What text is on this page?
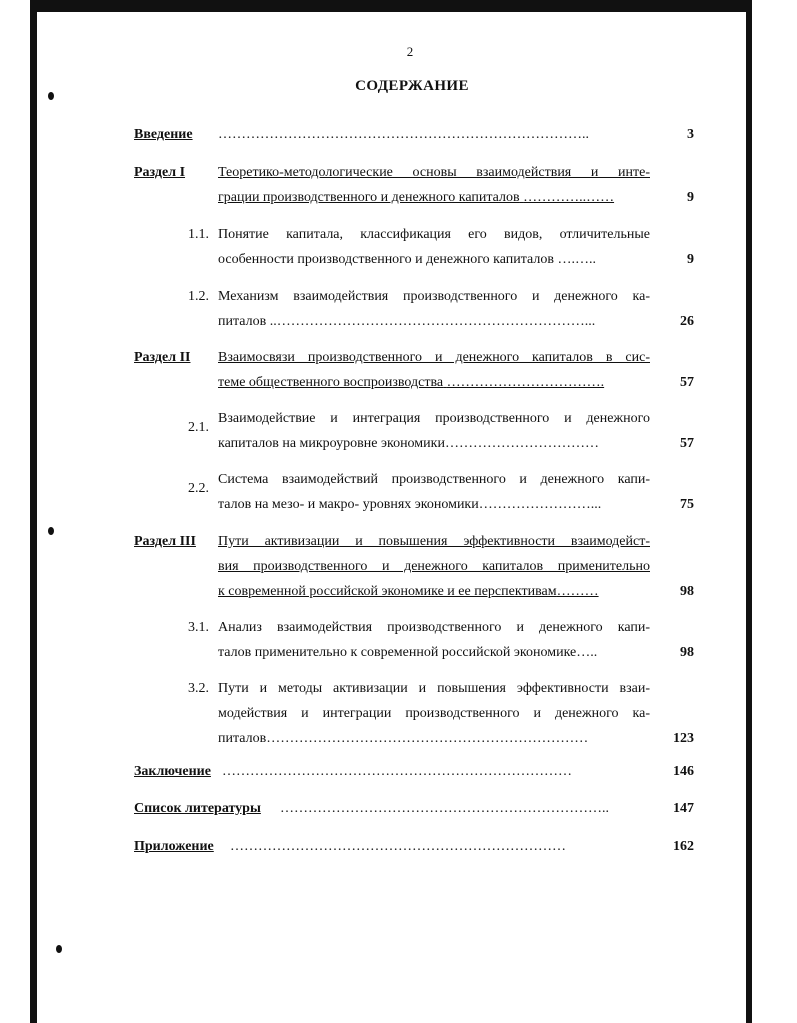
2
СОДЕРЖАНИЕ
Введение ……………………………………………………………………..	3
Раздел I Теоретико-методологические основы взаимодействия и инте-
грации производственного и денежного капиталов …………..……	9
1.1. Понятие капитала, классификация его видов, отличительные
особенности производственного и денежного капиталов ….…..	9
1.2. Механизм взаимодействия производственного и денежного ка-
питалов ..…………………………………………………………...	26
Раздел II Взаимосвязи производственного и денежного капиталов в сис-
теме общественного воспроизводства …………………………….	57
2.1.
Взаимодействие и интеграция производственного и денежного
капиталов на микроуровне экономики……………………………	57
2.2.
Система взаимодействий производственного и денежного капи-
талов на мезо- и макро- уровнях экономики……………………...	75
Раздел III Пути активизации и повышения эффективности взаимодейст-
вия производственного и денежного капиталов применительно
к современной российской экономике и ее перспективам………	98
3.1. Анализ взаимодействия производственного и денежного капи-
талов применительно к современной российской экономике…..	98
3.2. Пути и методы активизации и повышения эффективности взаи-
модействия и интеграции производственного и денежного ка-
питалов……………………………………………………………	123
Заключение …………………………………………………………………	146
Список литературы ……………………………………………………………..	147
Приложение ………………………………………………………………	162
